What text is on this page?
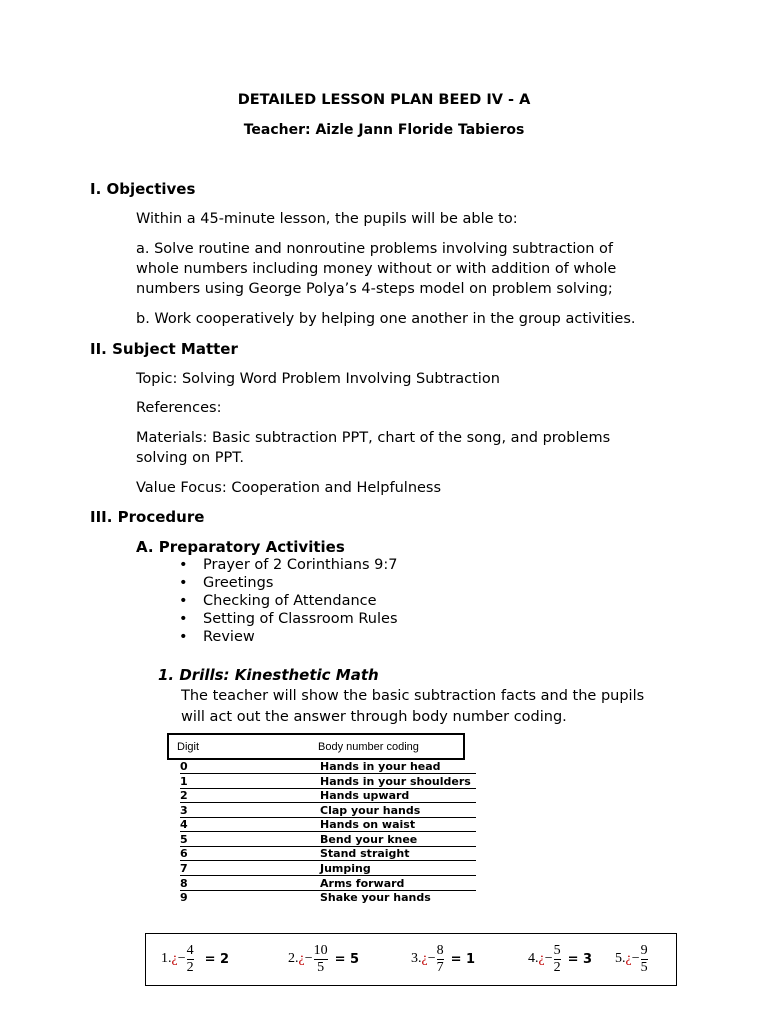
DETAILED LESSON PLAN BEED IV - A
Teacher: Aizle Jann Floride Tabieros
I. Objectives
Within a 45-minute lesson, the pupils will be able to:
a. Solve routine and nonroutine problems involving subtraction of
whole numbers including money without or with addition of whole
numbers using George Polya’s 4-steps model on problem solving;
b. Work cooperatively by helping one another in the group activities.
II. Subject Matter
Topic: Solving Word Problem Involving Subtraction
References:
Materials: Basic subtraction PPT, chart of the song, and problems
solving on PPT.
Value Focus: Cooperation and Helpfulness
III. Procedure
A. Preparatory Activities
• Prayer of 2 Corinthians 9:7
• Greetings
• Checking of Attendance
• Setting of Classroom Rules
• Review
1. Drills: Kinesthetic Math
The teacher will show the basic subtraction facts and the pupils
will act out the answer through body number coding.
Digit	Body number coding
0	Hands in your head
1	Hands in your shoulders
2	Hands upward
3	Clap your hands
4	Hands on waist
5	Bend your knee
6	Stand straight
7	Jumping
8	Arms forward
9	Shake your hands
1. ¿ − $\frac{4}{2} = 2$	2. ¿ − $\frac{10}{5} = 5$	3. ¿ − $\frac{8}{7} = 1$	4. ¿ − $\frac{5}{2} = 3$ 5. ¿ − $\frac{9}{5}$
